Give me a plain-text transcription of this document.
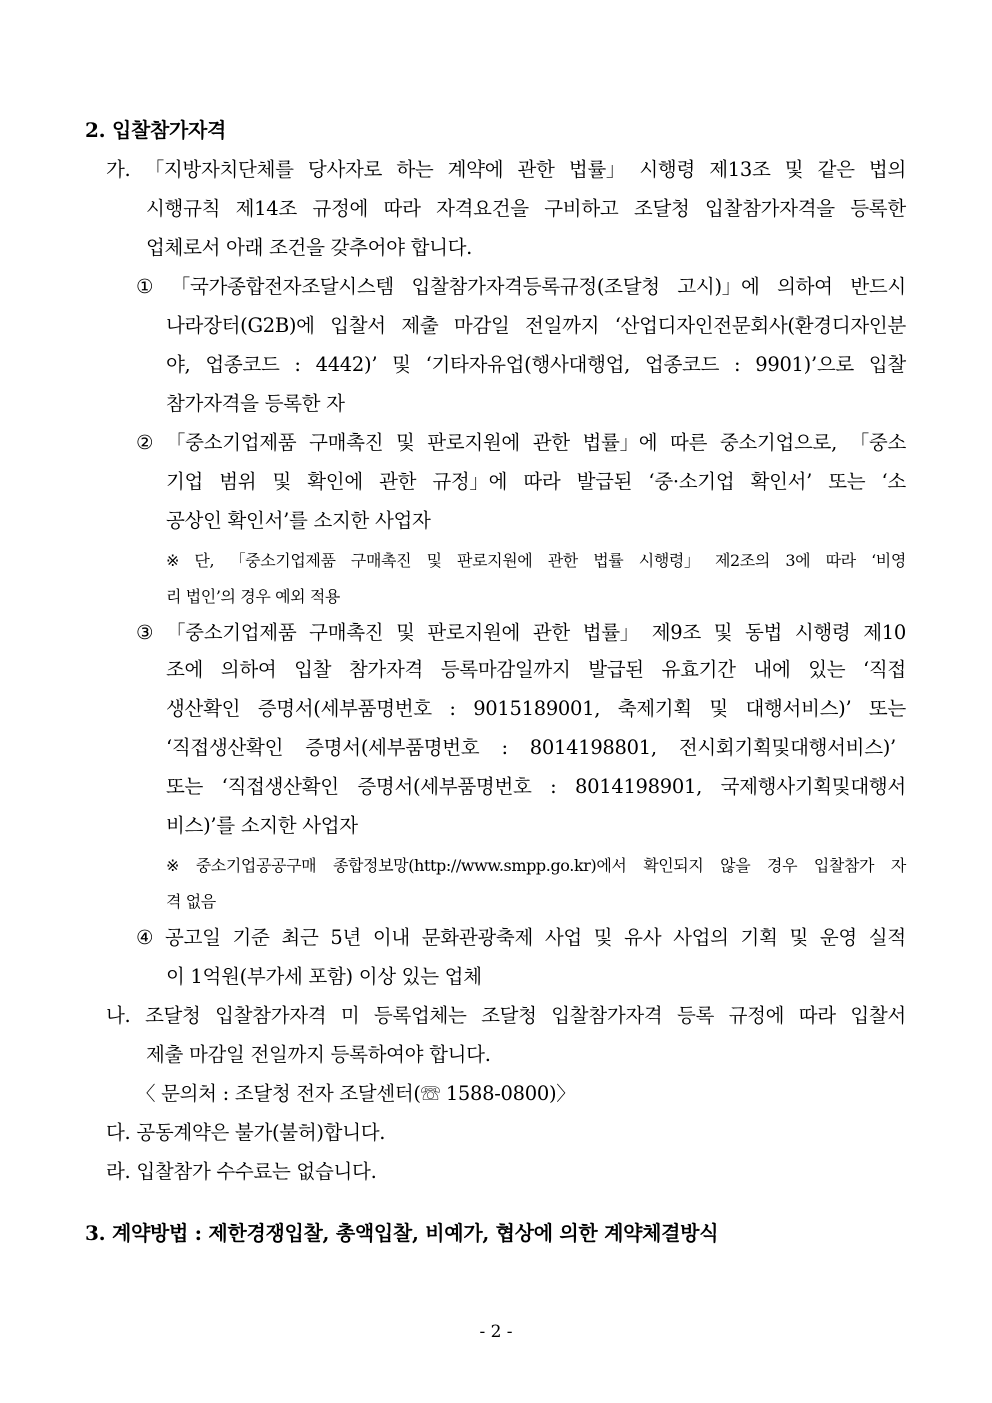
2. 입찰참가자격
가. 「지방자치단체를 당사자로 하는 계약에 관한 법률」 시행령 제13조 및 같은 법의
시행규칙 제14조 규정에 따라 자격요건을 구비하고 조달청 입찰참가자격을 등록한
업체로서 아래 조건을 갖추어야 합니다.
① 「국가종합전자조달시스템 입찰참가자격등록규정(조달청 고시)」에 의하여 반드시
나라장터(G2B)에 입찰서 제출 마감일 전일까지 ‘산업디자인전문회사(환경디자인분
야, 업종코드 : 4442)’ 및 ‘기타자유업(행사대행업, 업종코드 : 9901)’으로 입찰
참가자격을 등록한 자
② 「중소기업제품 구매촉진 및 판로지원에 관한 법률」에 따른 중소기업으로, 「중소
기업 범위 및 확인에 관한 규정」에 따라 발급된 ‘중·소기업 확인서’ 또는 ‘소
공상인 확인서’를 소지한 사업자
※ 단, 「중소기업제품 구매촉진 및 판로지원에 관한 법률 시행령」 제2조의 3에 따라 ‘비영
리 법인’의 경우 예외 적용
③ 「중소기업제품 구매촉진 및 판로지원에 관한 법률」 제9조 및 동법 시행령 제10
조에 의하여 입찰 참가자격 등록마감일까지 발급된 유효기간 내에 있는 ‘직접
생산확인 증명서(세부품명번호 : 9015189001, 축제기획 및 대행서비스)’ 또는
‘직접생산확인 증명서(세부품명번호 : 8014198801, 전시회기획및대행서비스)’
또는 ‘직접생산확인 증명서(세부품명번호 : 8014198901, 국제행사기획및대행서
비스)’를 소지한 사업자
※ 중소기업공공구매 종합정보망(http://www.smpp.go.kr)에서 확인되지 않을 경우 입찰참가 자
격 없음
④ 공고일 기준 최근 5년 이내 문화관광축제 사업 및 유사 사업의 기획 및 운영 실적
이 1억원(부가세 포함) 이상 있는 업체
나. 조달청 입찰참가자격 미 등록업체는 조달청 입찰참가자격 등록 규정에 따라 입찰서
제출 마감일 전일까지 등록하여야 합니다.
〈 문의처 : 조달청 전자 조달센터(☏ 1588-0800)〉
다. 공동계약은 불가(불허)합니다.
라. 입찰참가 수수료는 없습니다.
3. 계약방법 : 제한경쟁입찰, 총액입찰, 비예가, 협상에 의한 계약체결방식
- 2 -
